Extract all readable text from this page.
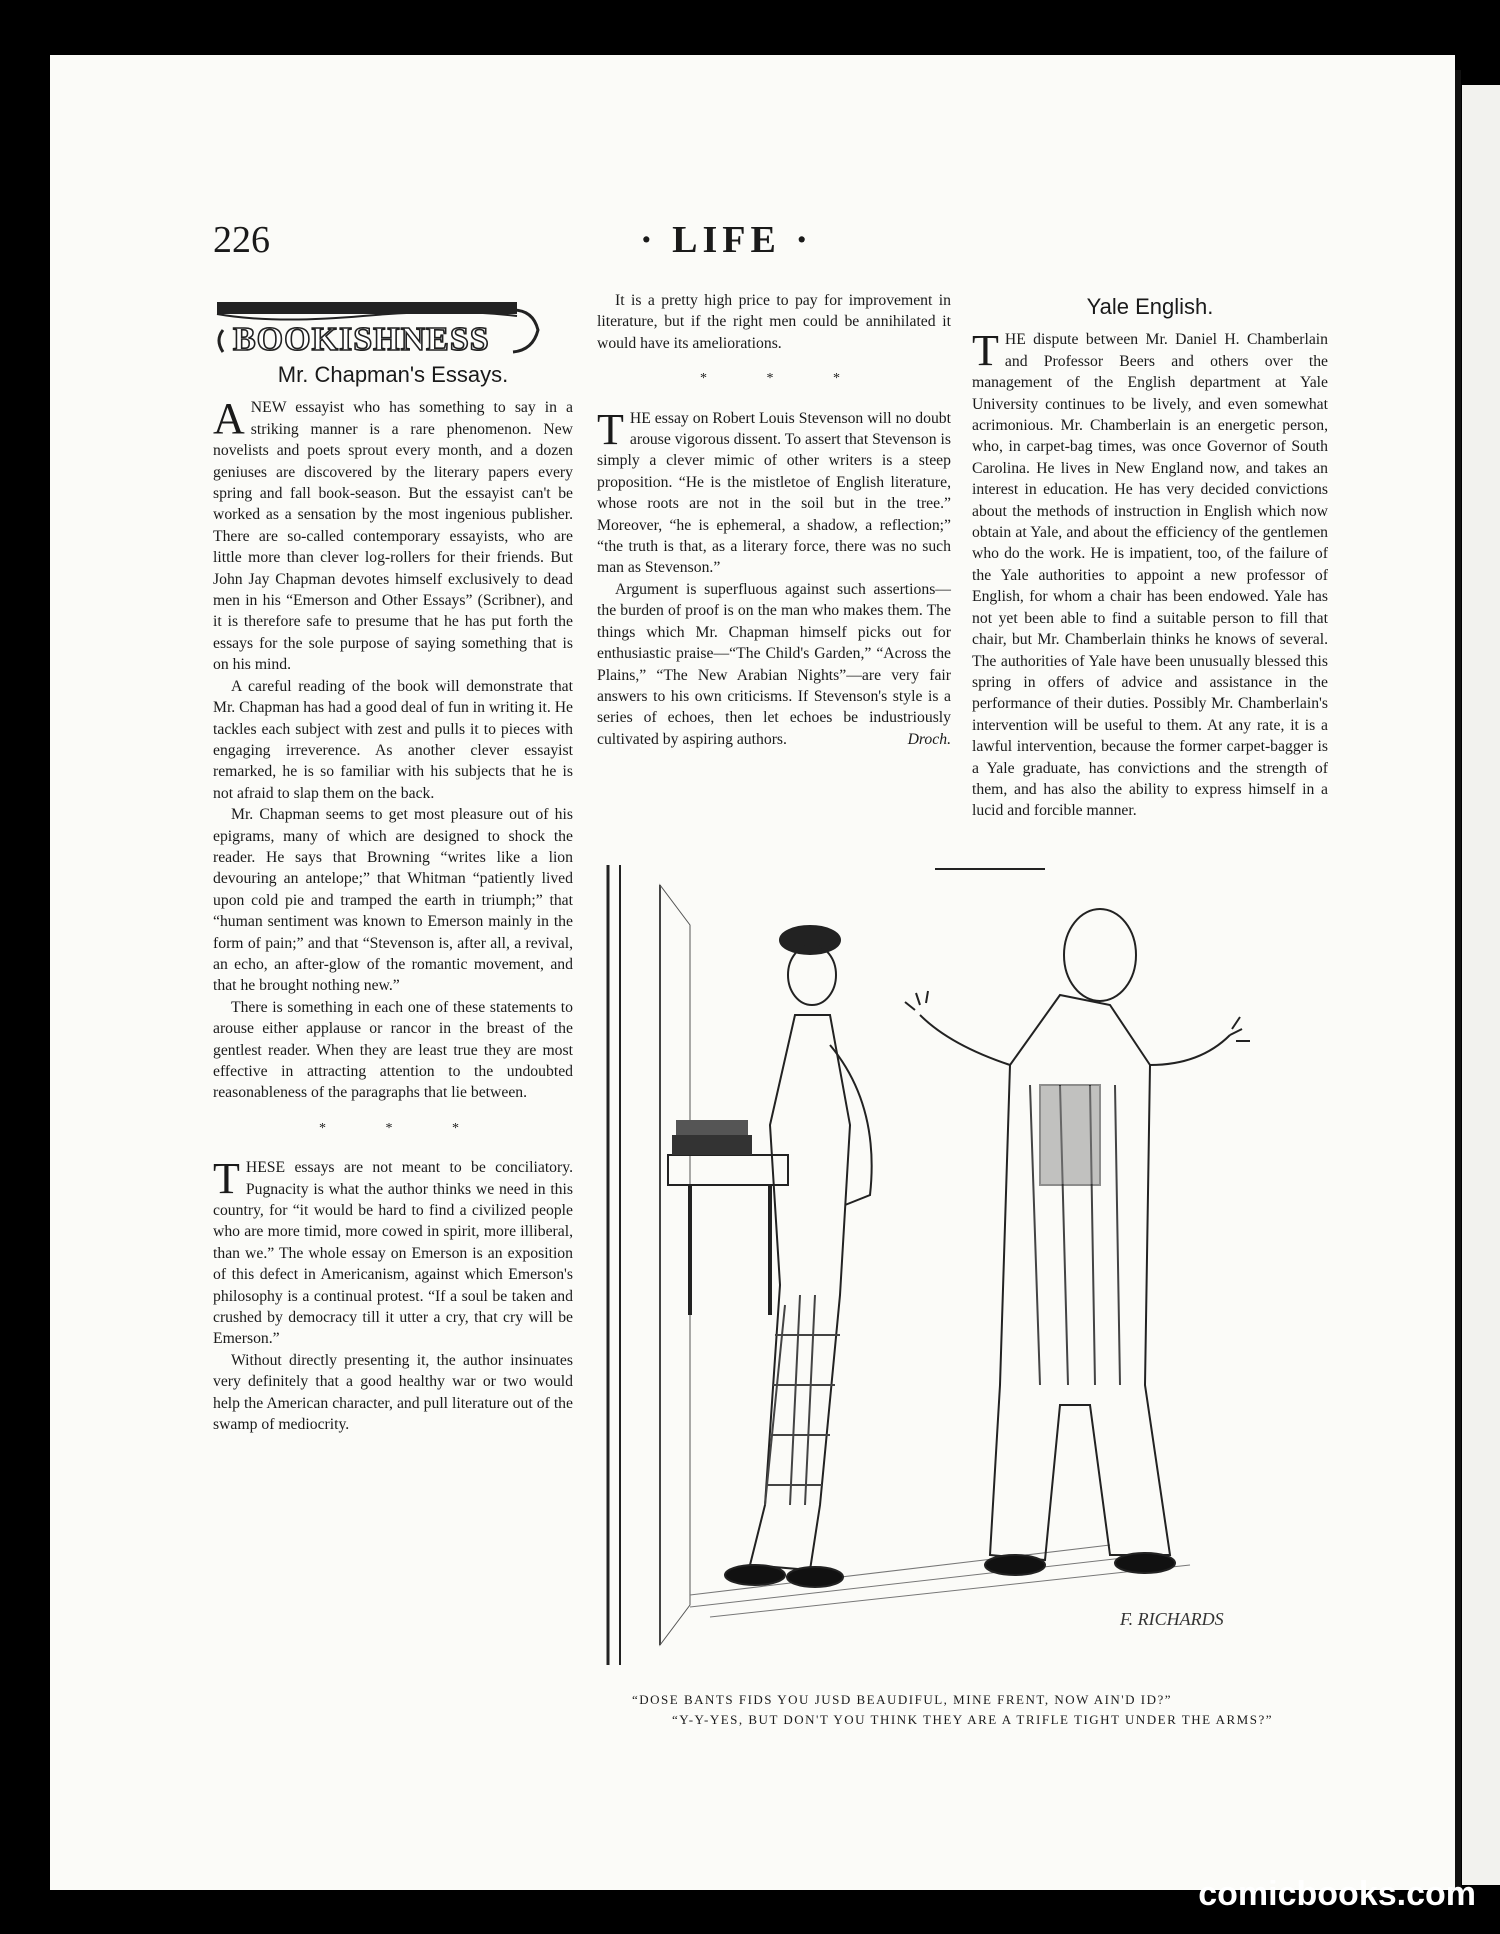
226	· LIFE ·
BOOKISHNESS
Mr. Chapman's Essays.

ANEW essayist who has something to say in a striking manner is a rare phenomenon. New novelists and poets sprout every month, and a dozen geniuses are discovered by the literary papers every spring and fall book-season. But the essayist can't be worked as a sensation by the most ingenious publisher. There are so-called contemporary essayists, who are little more than clever log-rollers for their friends. But John Jay Chapman devotes himself exclusively to dead men in his “Emerson and Other Essays” (Scribner), and it is therefore safe to presume that he has put forth the essays for the sole purpose of saying something that is on his mind.

A careful reading of the book will demonstrate that Mr. Chapman has had a good deal of fun in writing it. He tackles each subject with zest and pulls it to pieces with engaging irreverence. As another clever essayist remarked, he is so familiar with his subjects that he is not afraid to slap them on the back.

Mr. Chapman seems to get most pleasure out of his epigrams, many of which are designed to shock the reader. He says that Browning “writes like a lion devouring an antelope;” that Whitman “patiently lived upon cold pie and tramped the earth in triumph;” that “human sentiment was known to Emerson mainly in the form of pain;” and that “Stevenson is, after all, a revival, an echo, an after-glow of the romantic movement, and that he brought nothing new.”

There is something in each one of these statements to arouse either applause or rancor in the breast of the gentlest reader. When they are least true they are most effective in attracting attention to the undoubted reasonableness of the paragraphs that lie between.

* * *

THESE essays are not meant to be conciliatory. Pugnacity is what the author thinks we need in this country, for “it would be hard to find a civilized people who are more timid, more cowed in spirit, more illiberal, than we.” The whole essay on Emerson is an exposition of this defect in Americanism, against which Emerson's philosophy is a continual protest. “If a soul be taken and crushed by democracy till it utter a cry, that cry will be Emerson.”

Without directly presenting it, the author insinuates very definitely that a good healthy war or two would help the American character, and pull literature out of the swamp of mediocrity.

It is a pretty high price to pay for improvement in literature, but if the right men could be annihilated it would have its ameliorations.

* * *

THE essay on Robert Louis Stevenson will no doubt arouse vigorous dissent. To assert that Stevenson is simply a clever mimic of other writers is a steep proposition. “He is the mistletoe of English literature, whose roots are not in the soil but in the tree.” Moreover, “he is ephemeral, a shadow, a reflection;” “the truth is that, as a literary force, there was no such man as Stevenson.”

Argument is superfluous against such assertions—the burden of proof is on the man who makes them. The things which Mr. Chapman himself picks out for enthusiastic praise—“The Child's Garden,” “Across the Plains,” “The New Arabian Nights”—are very fair answers to his own criticisms. If Stevenson's style is a series of echoes, then let echoes be industriously cultivated by aspiring authors.	Droch.

Yale English.

THE dispute between Mr. Daniel H. Chamberlain and Professor Beers and others over the management of the English department at Yale University continues to be lively, and even somewhat acrimonious. Mr. Chamberlain is an energetic person, who, in carpet-bag times, was once Governor of South Carolina. He lives in New England now, and takes an interest in education. He has very decided convictions about the methods of instruction in English which now obtain at Yale, and about the efficiency of the gentlemen who do the work. He is impatient, too, of the failure of the Yale authorities to appoint a new professor of English, for whom a chair has been endowed. Yale has not yet been able to find a suitable person to fill that chair, but Mr. Chamberlain thinks he knows of several. The authorities of Yale have been unusually blessed this spring in offers of advice and assistance in the performance of their duties. Possibly Mr. Chamberlain's intervention will be useful to them. At any rate, it is a lawful intervention, because the former carpet-bagger is a Yale graduate, has convictions and the strength of them, and has also the ability to express himself in a lucid and forcible manner.

F. RICHARDS
“DOSE BANTS FIDS YOU JUSD BEAUDIFUL, MINE FRENT, NOW AIN'D ID?”
“Y-Y-YES, BUT DON'T YOU THINK THEY ARE A TRIFLE TIGHT UNDER THE ARMS?”
comicbooks.com
